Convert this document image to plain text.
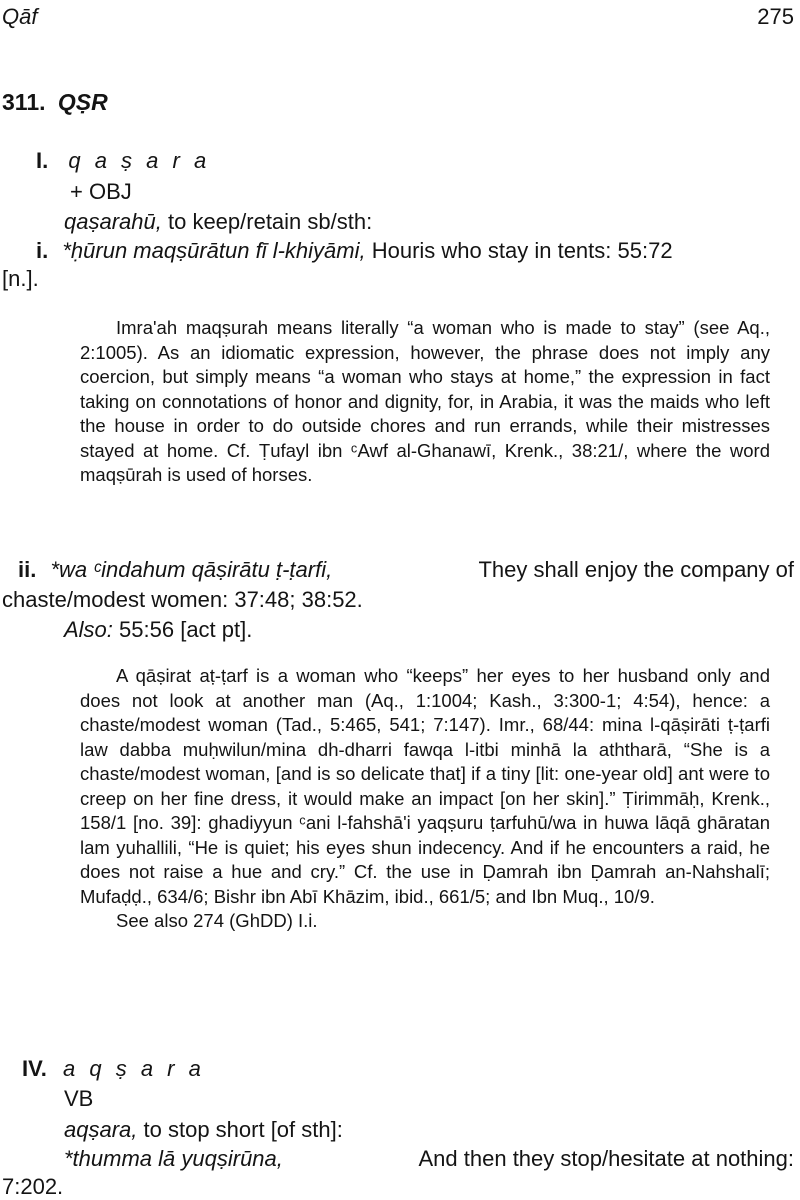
Qāf	275
311. QṢR
I. q a ṣ a r a
+ OBJ
qaṣarahū, to keep/retain sb/sth:
i. *ḥūrun maqṣūrātun fī l-khiyāmi, Houris who stay in tents: 55:72
[n.].

Imra'ah maqṣurah means literally “a woman who is made to stay” (see Aq., 2:1005). As an idiomatic expression, however, the phrase does not imply any coercion, but simply means “a woman who stays at home,” the expression in fact taking on connotations of honor and dignity, for, in Arabia, it was the maids who left the house in order to do outside chores and run errands, while their mistresses stayed at home. Cf. Ṭufayl ibn ᶜAwf al-Ghanawī, Krenk., 38:21/, where the word maqṣūrah is used of horses.

ii. *wa ᶜindahum qāṣirātu ṭ-ṭarfi,	They shall enjoy the company of
chaste/modest women: 37:48; 38:52.
Also: 55:56 [act pt].

A qāṣirat aṭ-ṭarf is a woman who “keeps” her eyes to her husband only and does not look at another man (Aq., 1:1004; Kash., 3:300-1; 4:54), hence: a chaste/modest woman (Tad., 5:465, 541; 7:147). Imr., 68/44: mina l-qāṣirāti ṭ-ṭarfi law dabba muḥwilun/mina dh-dharri fawqa l-itbi minhā la aththarā, “She is a chaste/modest woman, [and is so delicate that] if a tiny [lit: one-year old] ant were to creep on her fine dress, it would make an impact [on her skin].” Ṭirimmāḥ, Krenk., 158/1 [no. 39]: ghadiyyun ᶜani l-fahshā'i yaqṣuru ṭarfuhū/wa in huwa lāqā ghāratan lam yuhallili, “He is quiet; his eyes shun indecency. And if he encounters a raid, he does not raise a hue and cry.” Cf. the use in Ḍamrah ibn Ḍamrah an-Nahshalī; Mufaḍḍ., 634/6; Bishr ibn Abī Khāzim, ibid., 661/5; and Ibn Muq., 10/9.

See also 274 (GhDD) I.i.

IV. a q ṣ a r a
VB
aqṣara, to stop short [of sth]:
*thumma lā yuqṣirūna,	And then they stop/hesitate at nothing:
7:202.
